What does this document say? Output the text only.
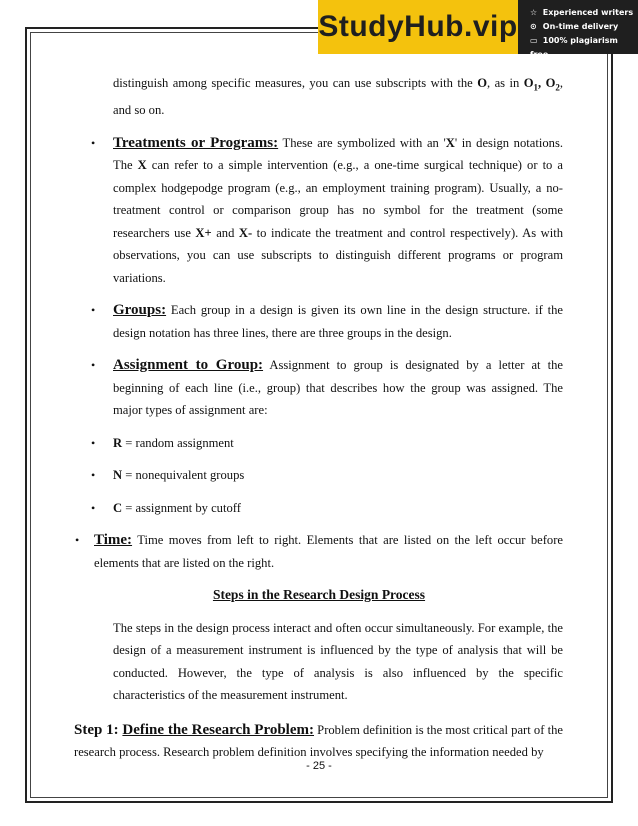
StudyHub.vip ☆ Experienced writers
⊙ On-time delivery
▭ 100% plagiarism free
distinguish among specific measures, you can use subscripts with the O, as in $O_1$, $O_2$, and so on.
• Treatments or Programs: These are symbolized with an 'X' in design notations. The X can refer to a simple intervention (e.g., a one-time surgical technique) or to a complex hodgepodge program (e.g., an employment training program). Usually, a no-treatment control or comparison group has no symbol for the treatment (some researchers use X+ and X- to indicate the treatment and control respectively). As with observations, you can use subscripts to distinguish different programs or program variations.
• Groups: Each group in a design is given its own line in the design structure. if the design notation has three lines, there are three groups in the design.
• Assignment to Group: Assignment to group is designated by a letter at the beginning of each line (i.e., group) that describes how the group was assigned. The major types of assignment are:
• R = random assignment
• N = nonequivalent groups
• C = assignment by cutoff
• Time: Time moves from left to right. Elements that are listed on the left occur before elements that are listed on the right.
Steps in the Research Design Process
The steps in the design process interact and often occur simultaneously. For example, the design of a measurement instrument is influenced by the type of analysis that will be conducted. However, the type of analysis is also influenced by the specific characteristics of the measurement instrument.
Step 1: Define the Research Problem: Problem definition is the most critical part of the research process. Research problem definition involves specifying the information needed by
- 25 -
